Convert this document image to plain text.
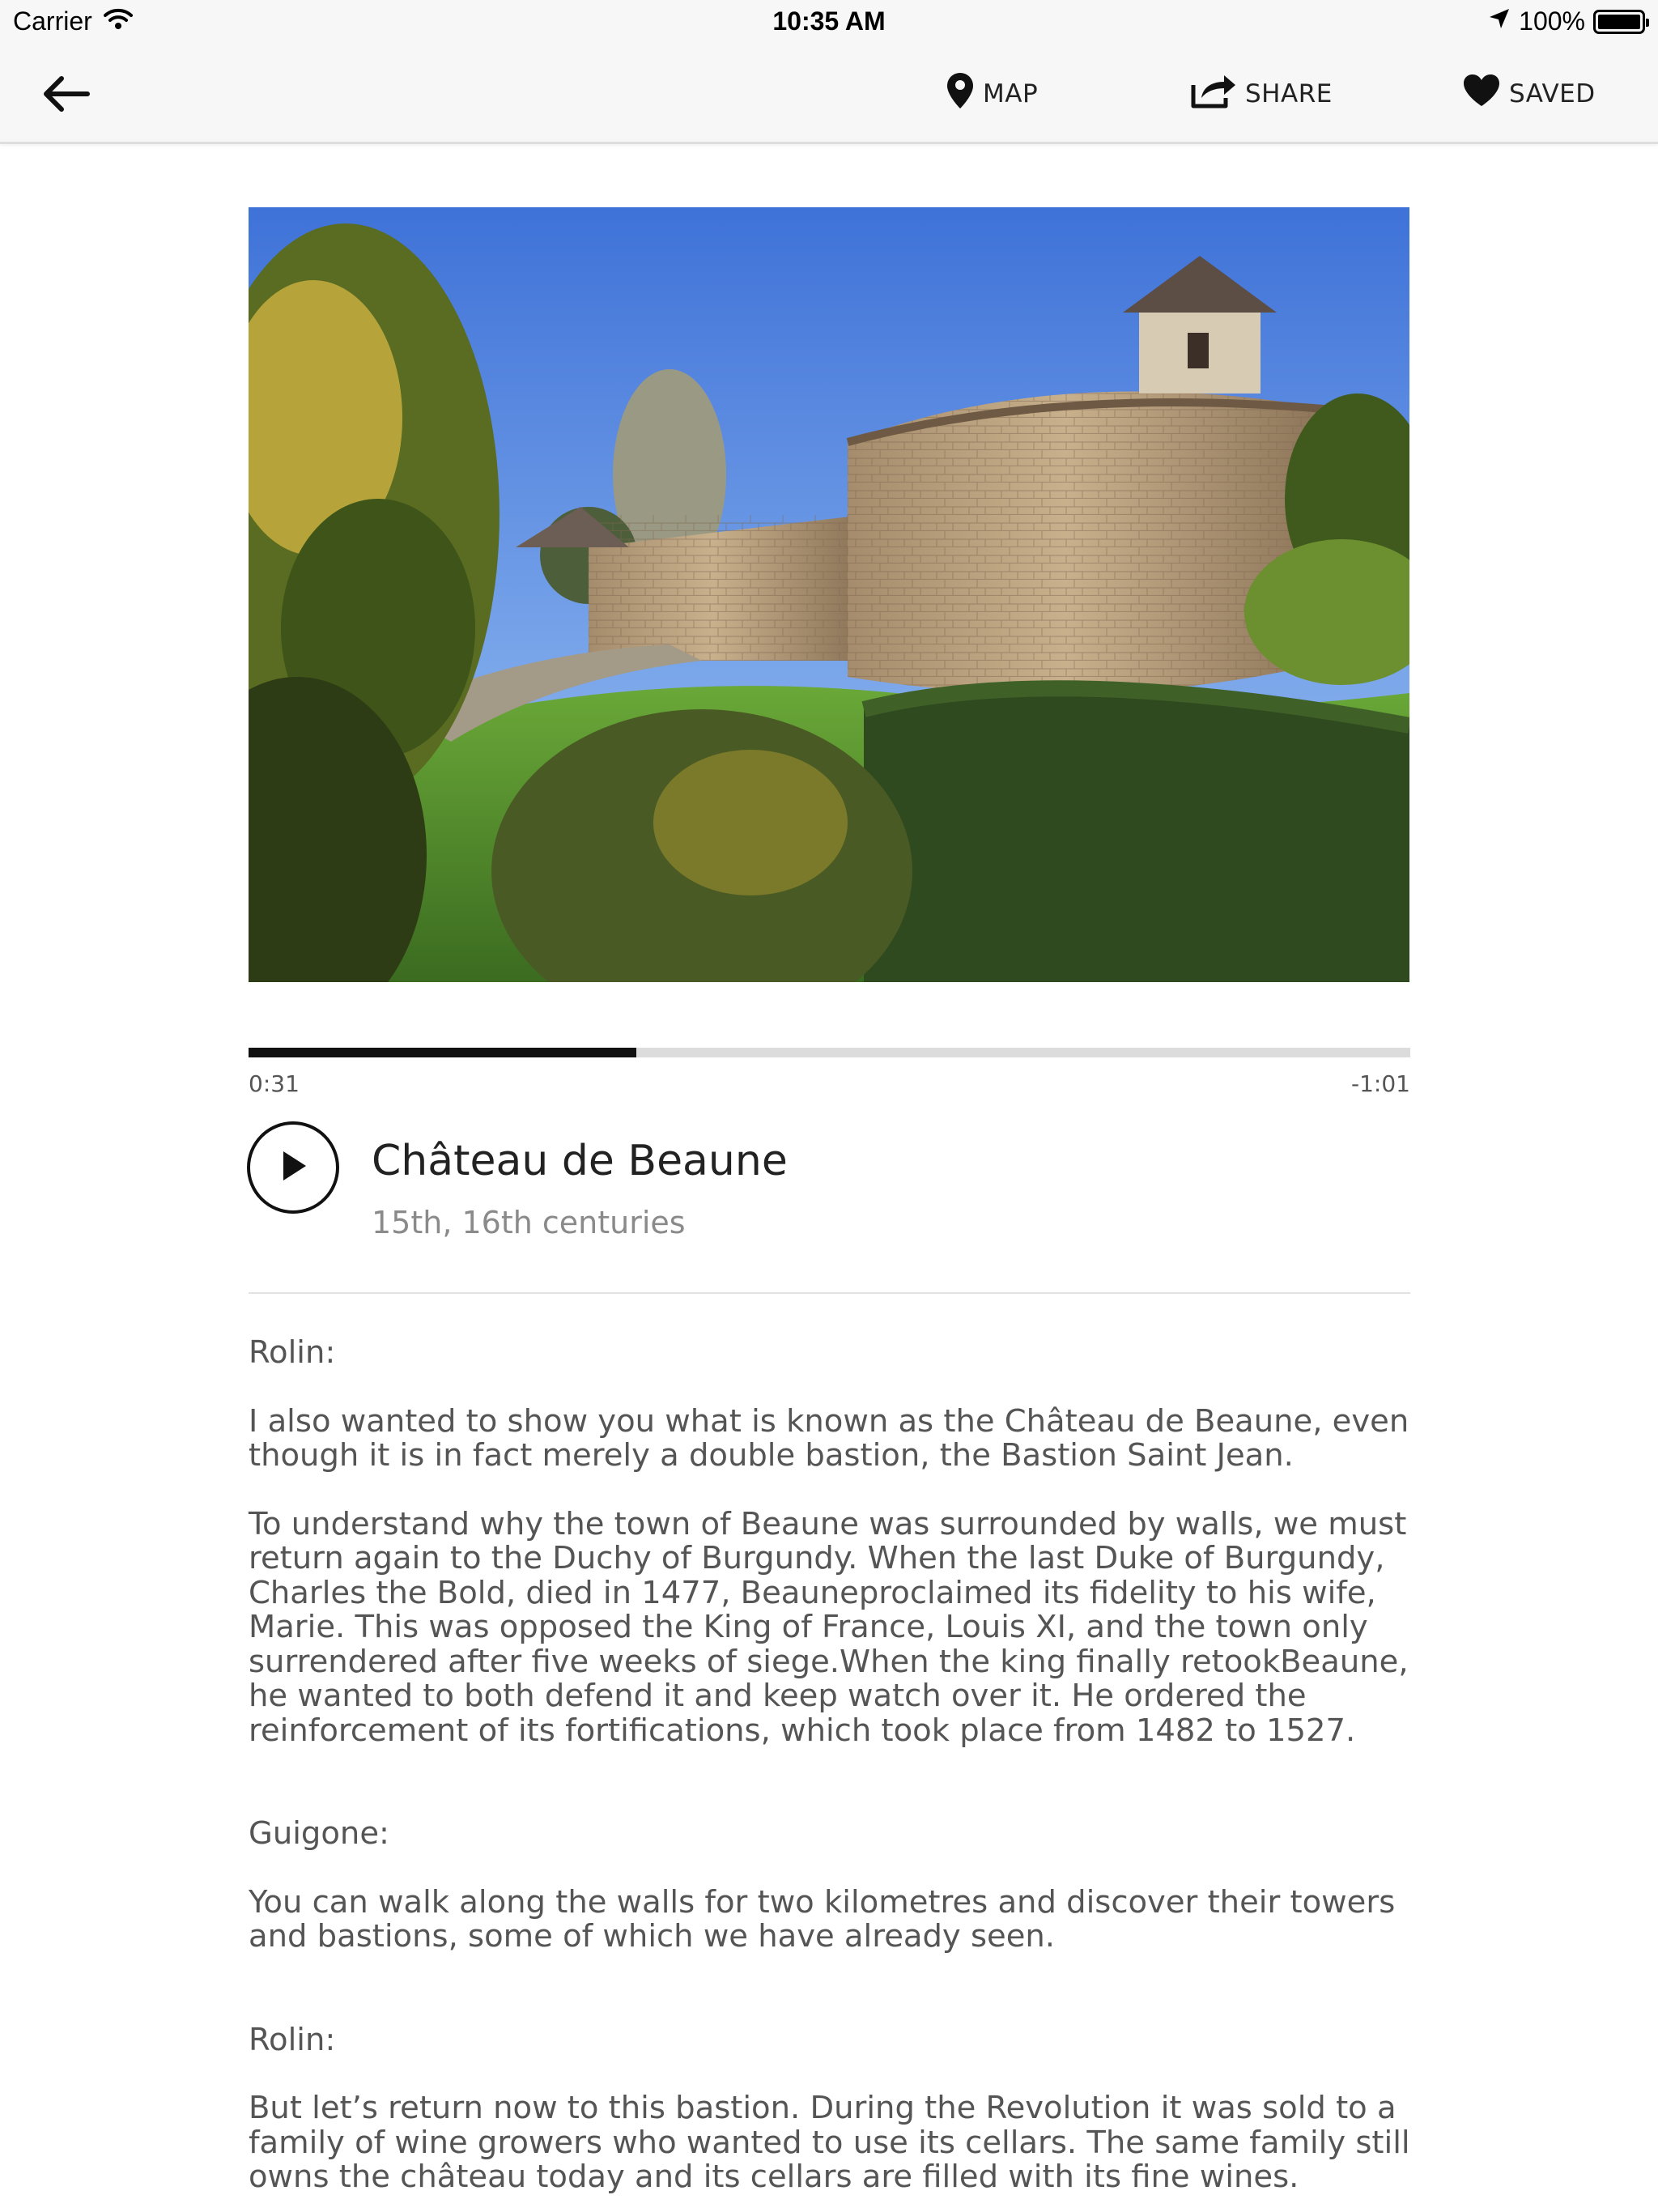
Carrier	10:35 AM	100%
MAP	SHARE	SAVED
0:31	-1:01
Château de Beaune
15th, 16th centuries

Rolin:

I also wanted to show you what is known as the Château de Beaune, even though it is in fact merely a double bastion, the Bastion Saint Jean.

To understand why the town of Beaune was surrounded by walls, we must return again to the Duchy of Burgundy. When the last Duke of Burgundy, Charles the Bold, died in 1477, Beauneproclaimed its fidelity to his wife, Marie. This was opposed the King of France, Louis XI, and the town only surrendered after five weeks of siege.When the king finally retookBeaune, he wanted to both defend it and keep watch over it. He ordered the reinforcement of its fortifications, which took place from 1482 to 1527.

Guigone:

You can walk along the walls for two kilometres and discover their towers and bastions, some of which we have already seen.

Rolin:

But let’s return now to this bastion. During the Revolution it was sold to a family of wine growers who wanted to use its cellars. The same family still owns the château today and its cellars are filled with its fine wines.
